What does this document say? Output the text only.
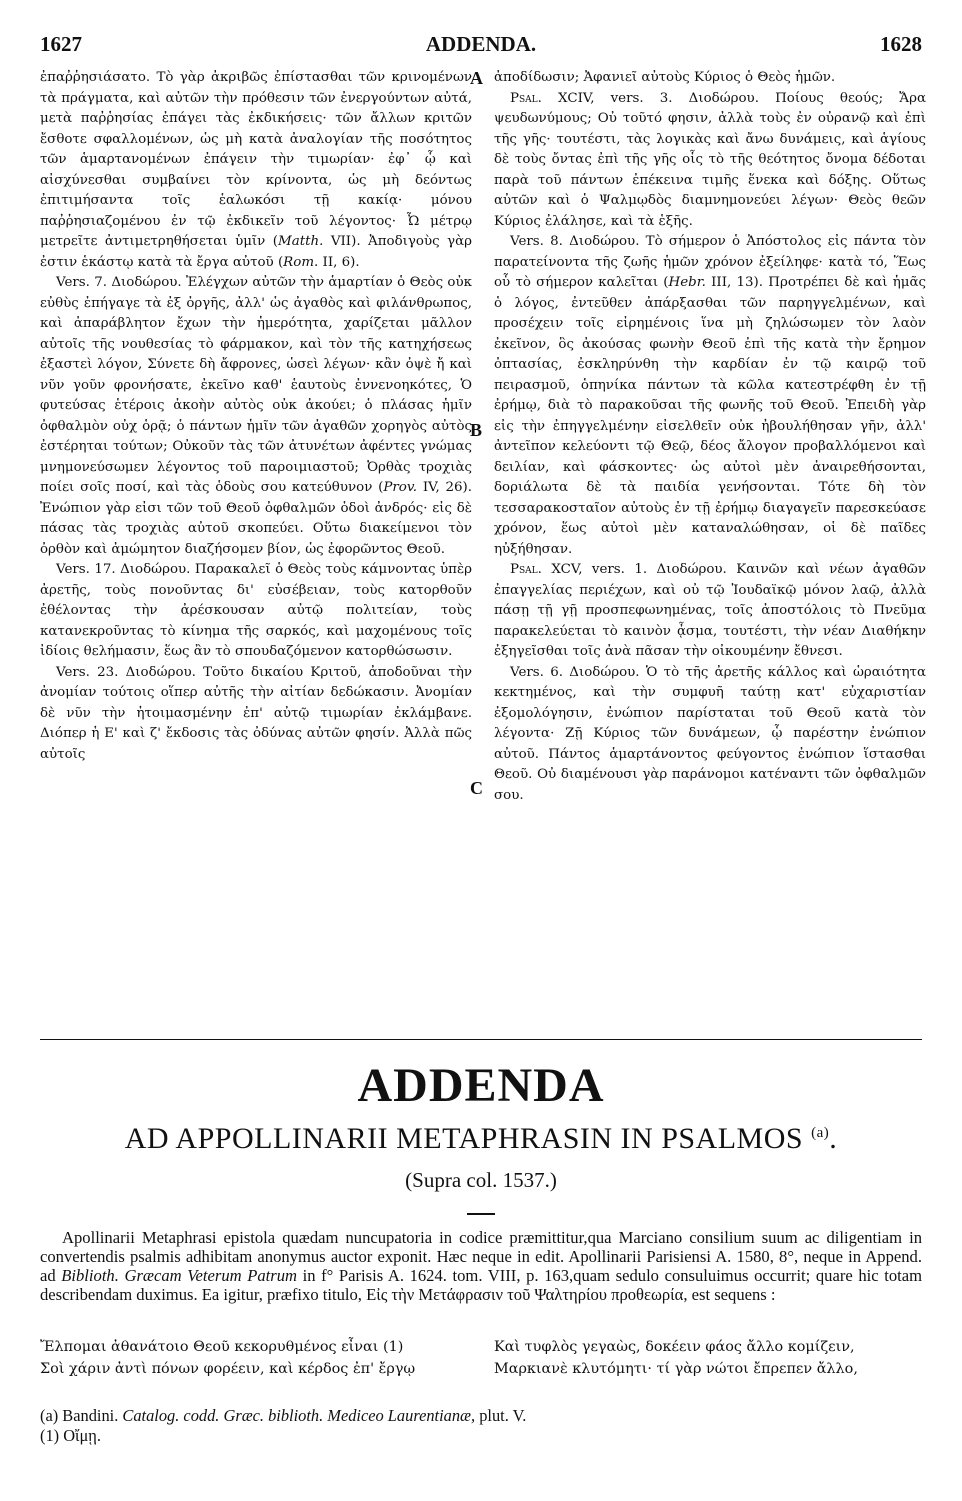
1627	ADDENDA.	1628

ἐπαῤῥησιάσατο. Τὸ γὰρ ἀκριβῶς ἐπίστασθαι τῶν κρινομένων τὰ πράγματα, καὶ αὐτῶν τὴν πρόθεσιν τῶν ἐνεργούντων αὐτά, μετὰ παῤῥησίας ἐπάγει τὰς ἐκδικήσεις· τῶν ἄλλων κριτῶν ἔσθοτε σφαλλομένων, ὡς μὴ κατὰ ἀναλογίαν τῆς ποσότητος τῶν ἁμαρτανομένων ἐπάγειν τὴν τιμωρίαν· ἐφ᾽ ᾧ καὶ αἰσχύνεσθαι συμβαίνει τὸν κρίνοντα, ὡς μὴ δεόντως ἐπιτιμήσαντα τοῖς ἑαλωκόσι τῇ κακίᾳ· μόνου παῤῥησιαζομένου ἐν τῷ ἐκδικεῖν τοῦ λέγοντος· Ὦ μέτρῳ μετρεῖτε ἀντιμετρηθήσεται ὑμῖν (Matth. VII). Ἀποδιγοὺς γὰρ ἐστιν ἑκάστῳ κατὰ τὰ ἔργα αὐτοῦ (Rom. II, 6).

Vers. 7. Διοδώρου. Ἐλέγχων αὐτῶν τὴν ἁμαρτίαν ὁ Θεὸς οὐκ εὐθὺς ἐπήγαγε τὰ ἐξ ὀργῆς, ἀλλ' ὡς ἀγαθὸς καὶ φιλάνθρωπος, καὶ ἀπαράβλητον ἔχων τὴν ἡμερότητα, χαρίζεται μᾶλλον αὐτοῖς τῆς νουθεσίας τὸ φάρμακον, καὶ τὸν τῆς κατηχήσεως ἐξαστεὶ λόγον, Σύνετε δὴ ἄφρονες, ὡσεὶ λέγων· κἂν ὀψὲ ἤ καὶ νῦν γοῦν φρονήσατε, ἐκεῖνο καθ' ἑαυτοὺς ἐννενοηκότες, Ὁ φυτεύσας ἑτέροις ἀκοὴν αὐτὸς οὐκ ἀκούει; ὁ πλάσας ἡμῖν ὀφθαλμὸν οὐχ ὁρᾷ; ὁ πάντων ἡμῖν τῶν ἀγαθῶν χορηγὸς αὐτὸς ἐστέρηται τούτων; Οὐκοῦν τὰς τῶν ἀτυνέτων ἀφέντες γνώμας μνημονεύσωμεν λέγοντος τοῦ παροιμιαστοῦ; Ὀρθὰς τροχιὰς ποίει σοῖς ποσί, καὶ τὰς ὁδοὺς σου κατεύθυνον (Prov. IV, 26). Ἐνώπιον γὰρ εἰσι τῶν τοῦ Θεοῦ ὀφθαλμῶν ὁδοὶ ἀνδρός· εἰς δὲ πάσας τὰς τροχιὰς αὐτοῦ σκοπεύει. Οὕτω διακείμενοι τὸν ὀρθὸν καὶ ἀμώμητον διαζήσομεν βίον, ὡς ἐφορῶντος Θεοῦ.

Vers. 17. Διοδώρου. Παρακαλεῖ ὁ Θεὸς τοὺς κάμνοντας ὑπὲρ ἀρετῆς, τοὺς πονοῦντας δι' εὐσέβειαν, τοὺς κατορθοῦν ἐθέλοντας τὴν ἀρέσκουσαν αὐτῷ πολιτείαν, τοὺς κατανεκροῦντας τὸ κίνημα τῆς σαρκός, καὶ μαχομένους τοῖς ἰδίοις θελήμασιν, ἕως ἂν τὸ σπουδαζόμενον κατορθώσωσιν.

Vers. 23. Διοδώρου. Τοῦτο δικαίου Κριτοῦ, ἀποδοῦναι τὴν ἀνομίαν τούτοις οἵπερ αὐτῆς τὴν αἰτίαν δεδώκασιν. Ἀνομίαν δὲ νῦν τὴν ἡτοιμασμένην ἐπ' αὐτῷ τιμωρίαν ἐκλάμβανε. Διόπερ ἡ Ε' καὶ ζ' ἔκδοσις τὰς ὀδύνας αὐτῶν φησίν. Ἀλλὰ πῶς αὐτοῖς

A
B
C

ἀποδίδωσιν; Ἀφανιεῖ αὐτοὺς Κύριος ὁ Θεὸς ἡμῶν.

Psal. XCIV, vers. 3. Διοδώρου. Ποίους θεούς; Ἄρα ψευδωνύμους; Οὐ τοῦτό φησιν, ἀλλὰ τοὺς ἐν οὐρανῷ καὶ ἐπὶ τῆς γῆς· τουτέστι, τὰς λογικὰς καὶ ἄνω δυνάμεις, καὶ ἁγίους δὲ τοὺς ὄντας ἐπὶ τῆς γῆς οἷς τὸ τῆς θεότητος ὄνομα δέδοται παρὰ τοῦ πάντων ἐπέκεινα τιμῆς ἕνεκα καὶ δόξης. Οὕτως αὐτῶν καὶ ὁ Ψαλμῳδὸς διαμνημονεύει λέγων· Θεὸς θεῶν Κύριος ἐλάλησε, καὶ τὰ ἑξῆς.

Vers. 8. Διοδώρου. Τὸ σήμερον ὁ Ἀπόστολος εἰς πάντα τὸν παρατείνοντα τῆς ζωῆς ἡμῶν χρόνον ἐξείληφε· κατὰ τό, Ἕως οὗ τὸ σήμερον καλεῖται (Hebr. III, 13). Προτρέπει δὲ καὶ ἡμᾶς ὁ λόγος, ἐντεῦθεν ἀπάρξασθαι τῶν παρηγγελμένων, καὶ προσέχειν τοῖς εἰρημένοις ἵνα μὴ ζηλώσωμεν τὸν λαὸν ἐκεῖνον, ὃς ἀκούσας φωνὴν Θεοῦ ἐπὶ τῆς κατὰ τὴν ἔρημον ὀπτασίας, ἐσκληρύνθη τὴν καρδίαν ἐν τῷ καιρῷ τοῦ πειρασμοῦ, ὁπηνίκα πάντων τὰ κῶλα κατεστρέφθη ἐν τῇ ἐρήμῳ, διὰ τὸ παρακοῦσαι τῆς φωνῆς τοῦ Θεοῦ. Ἐπειδὴ γὰρ εἰς τὴν ἐπηγγελμένην εἰσελθεῖν οὐκ ἠβουλήθησαν γῆν, ἀλλ' ἀντεῖπον κελεύοντι τῷ Θεῷ, δέος ἄλογον προβαλλόμενοι καὶ δειλίαν, καὶ φάσκοντες· ὡς αὐτοὶ μὲν ἀναιρεθήσονται, δοριάλωτα δὲ τὰ παιδία γενήσονται. Τότε δὴ τὸν τεσσαρακοσταῖον αὐτοὺς ἐν τῇ ἐρήμῳ διαγαγεῖν παρεσκεύασε χρόνον, ἕως αὐτοὶ μὲν καταναλώθησαν, οἱ δὲ παῖδες ηὐξήθησαν.

Psal. XCV, vers. 1. Διοδώρου. Καινῶν καὶ νέων ἀγαθῶν ἐπαγγελίας περιέχων, καὶ οὐ τῷ Ἰουδαϊκῷ μόνον λαῷ, ἀλλὰ πάσῃ τῇ γῇ προσπεφωνημένας, τοῖς ἀποστόλοις τὸ Πνεῦμα παρακελεύεται τὸ καινὸν ᾆσμα, τουτέστι, τὴν νέαν Διαθήκην ἐξηγεῖσθαι τοῖς ἀνὰ πᾶσαν τὴν οἰκουμένην ἔθνεσι.

Vers. 6. Διοδώρου. Ὁ τὸ τῆς ἀρετῆς κάλλος καὶ ὡραιότητα κεκτημένος, καὶ τὴν συμφυῆ ταύτῃ κατ' εὐχαριστίαν ἐξομολόγησιν, ἐνώπιον παρίσταται τοῦ Θεοῦ κατὰ τὸν λέγοντα· Ζῇ Κύριος τῶν δυνάμεων, ᾧ παρέστην ἐνώπιον αὐτοῦ. Πάντος ἁμαρτάνοντος φεύγοντος ἐνώπιον ἵστασθαι Θεοῦ. Οὐ διαμένουσι γὰρ παράνομοι κατέναντι τῶν ὀφθαλμῶν σου.

ADDENDA
AD APPOLLINARII METAPHRASIN IN PSALMOS $^{(a)}$.
(Supra col. 1537.)

Apollinarii Metaphrasi epistola quædam nuncupatoria in codice præmittitur,qua Marciano consilium suum ac diligentiam in convertendis psalmis adhibitam anonymus auctor exponit. Hæc neque in edit. Apollinarii Parisiensi A. 1580, 8°, neque in Append. ad Biblioth. Græcam Veterum Patrum in f° Parisis A. 1624. tom. VIII, p. 163,quam sedulo consuluimus occurrit; quare hic totam describendam duximus. Ea igitur, præfixo titulo, Εἰς τὴν Μετάφρασιν τοῦ Ψαλτηρίου προθεωρία, est sequens :

Ἔλπομαι ἀθανάτοιο Θεοῦ κεκορυθμένος εἶναι (1)
Σοὶ χάριν ἀντὶ πόνων φορέειν, καὶ κέρδος ἐπ' ἔργῳ
Καὶ τυφλὸς γεγαὼς, δοκέειν φάος ἄλλο κομίζειν,
Μαρκιανὲ κλυτόμητι· τί γὰρ νώτοι ἔπρεπεν ἄλλο,
(a) Bandini. Catalog. codd. Græc. biblioth. Mediceo Laurentianæ, plut. V.
(1) Οἴμῃ.
